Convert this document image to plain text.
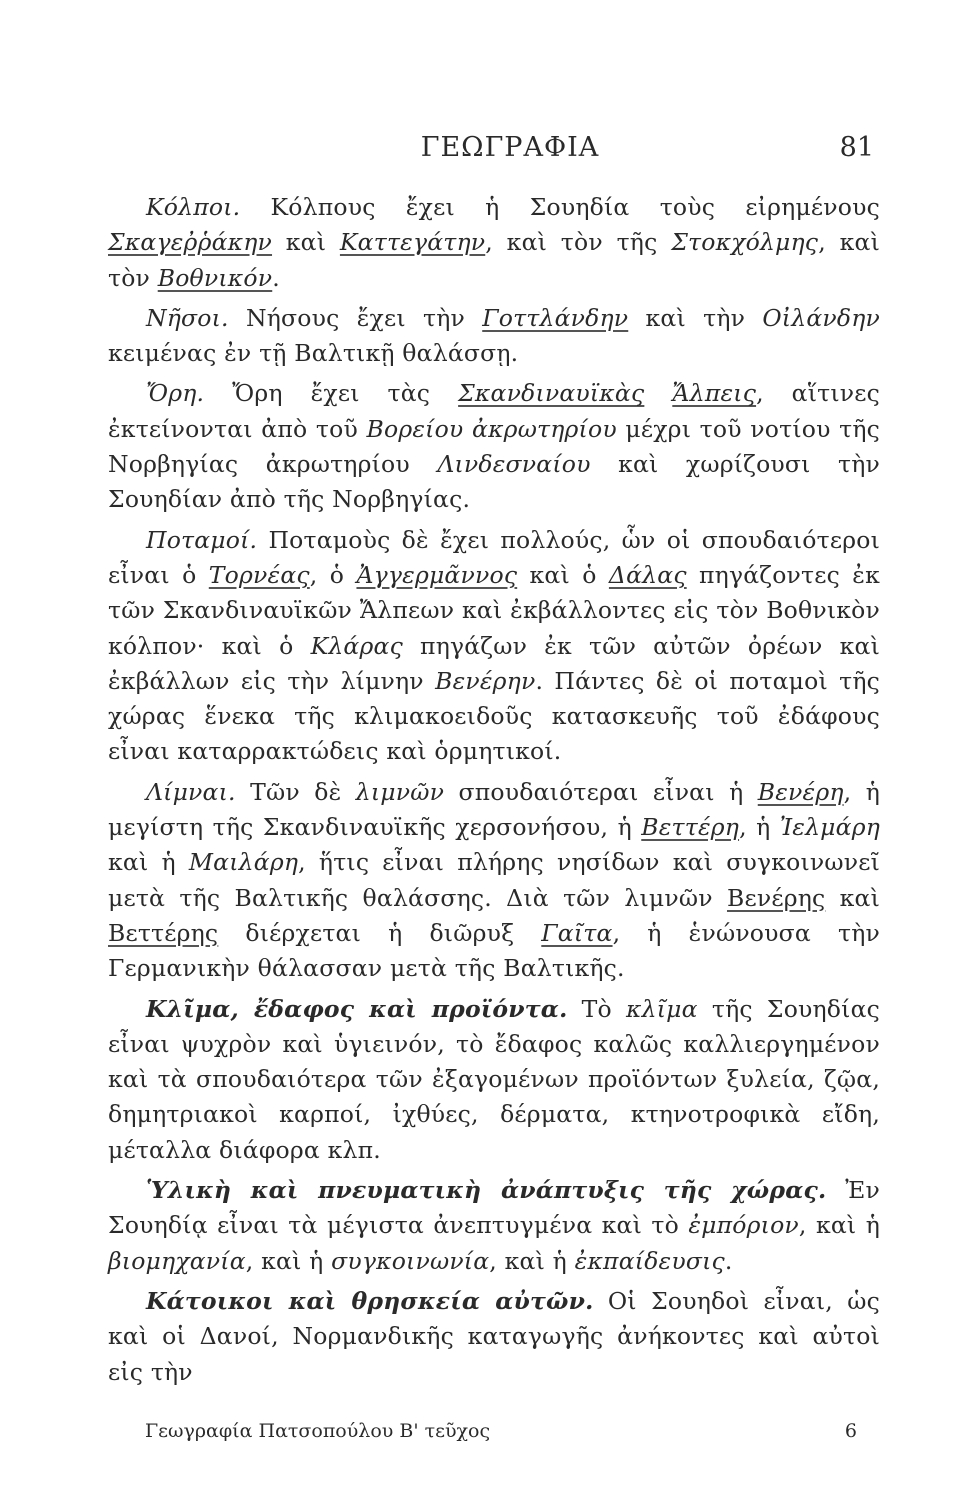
ΓΕΩΓΡΑΦΙΑ	81

Κόλποι. Κόλπους ἔχει ἡ Σουηδία τοὺς εἰρημένους Σκαγεῤῥάκην καὶ Καττεγάτην, καὶ τὸν τῆς Στοκχόλμης, καὶ τὸν Βοθνικόν.

Νῆσοι. Νήσους ἔχει τὴν Γοττλάνδην καὶ τὴν Οἰλάνδην κειμένας ἐν τῇ Βαλτικῇ θαλάσσῃ.

Ὄρη. Ὄρη ἔχει τὰς Σκανδιναυϊκὰς Ἄλπεις, αἵτινες ἐκτείνονται ἀπὸ τοῦ Βορείου ἀκρωτηρίου μέχρι τοῦ νοτίου τῆς Νορβηγίας ἀκρωτηρίου Λινδεσναίου καὶ χωρίζουσι τὴν Σουηδίαν ἀπὸ τῆς Νορβηγίας.

Ποταμοί. Ποταμοὺς δὲ ἔχει πολλούς, ὧν οἱ σπουδαιότεροι εἶναι ὁ Τορνέας, ὁ Ἀγγερμᾶννος καὶ ὁ Δάλας πηγάζοντες ἐκ τῶν Σκανδιναυϊκῶν Ἄλπεων καὶ ἐκβάλλοντες εἰς τὸν Βοθνικὸν κόλπον· καὶ ὁ Κλάρας πηγάζων ἐκ τῶν αὐτῶν ὀρέων καὶ ἐκβάλλων εἰς τὴν λίμνην Βενέρην. Πάντες δὲ οἱ ποταμοὶ τῆς χώρας ἕνεκα τῆς κλιμακοειδοῦς κατασκευῆς τοῦ ἐδάφους εἶναι καταρρακτώδεις καὶ ὁρμητικοί.

Λίμναι. Τῶν δὲ λιμνῶν σπουδαιότεραι εἶναι ἡ Βενέρη, ἡ μεγίστη τῆς Σκανδιναυϊκῆς χερσονήσου, ἡ Βεττέρη, ἡ Ἰελμάρη καὶ ἡ Μαιλάρη, ἥτις εἶναι πλήρης νησίδων καὶ συγκοινωνεῖ μετὰ τῆς Βαλτικῆς θαλάσσης. Διὰ τῶν λιμνῶν Βενέρης καὶ Βεττέρης διέρχεται ἡ διῶρυξ Γαῖτα, ἡ ἑνώνουσα τὴν Γερμανικὴν θάλασσαν μετὰ τῆς Βαλτικῆς.

Κλῖμα, ἔδαφος καὶ προϊόντα. Τὸ κλῖμα τῆς Σουηδίας εἶναι ψυχρὸν καὶ ὑγιεινόν, τὸ ἔδαφος καλῶς καλλιεργημένον καὶ τὰ σπουδαιότερα τῶν ἐξαγομένων προϊόντων ξυλεία, ζῷα, δημητριακοὶ καρποί, ἰχθύες, δέρματα, κτηνοτροφικὰ εἴδη, μέταλλα διάφορα κλπ.

Ὑλικὴ καὶ πνευματικὴ ἀνάπτυξις τῆς χώρας. Ἐν Σουηδίᾳ εἶναι τὰ μέγιστα ἀνεπτυγμένα καὶ τὸ ἐμπόριον, καὶ ἡ βιομηχανία, καὶ ἡ συγκοινωνία, καὶ ἡ ἐκπαίδευσις.

Κάτοικοι καὶ θρησκεία αὐτῶν. Οἱ Σουηδοὶ εἶναι, ὡς καὶ οἱ Δανοί, Νορμανδικῆς καταγωγῆς ἀνήκοντες καὶ αὐτοὶ εἰς τὴν

Γεωγραφία Πατσοπούλου Β' τεῦχος	6
